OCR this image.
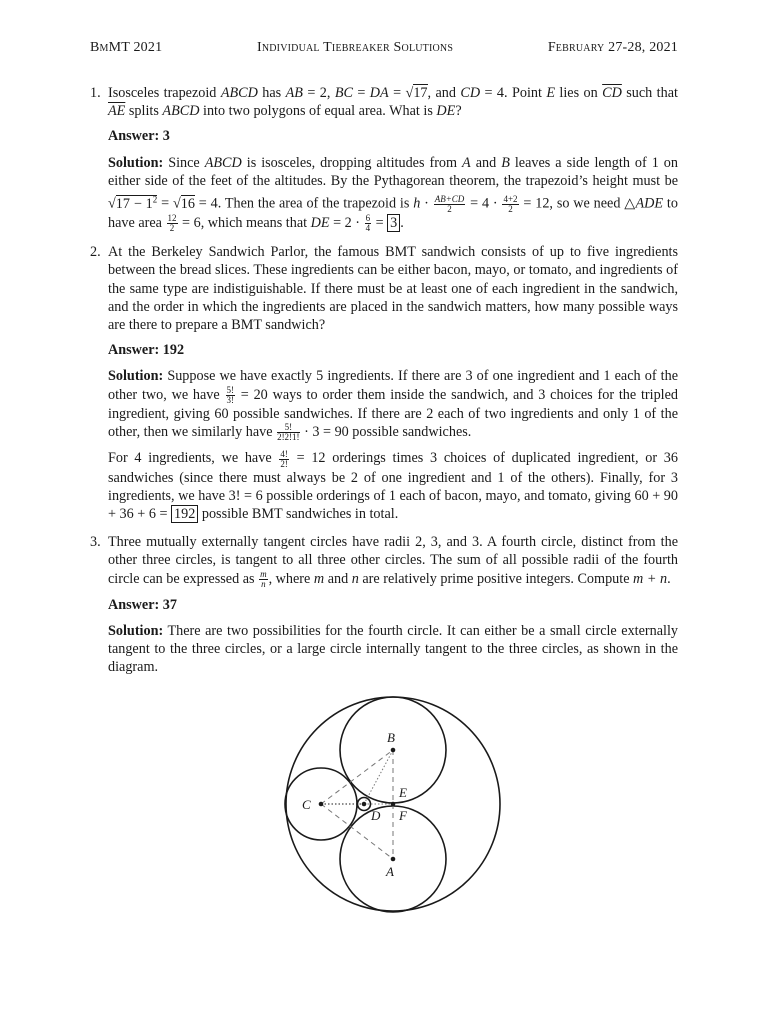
BmMT 2021	Individual Tiebreaker Solutions	February 27-28, 2021
1. Isosceles trapezoid ABCD has AB = 2, BC = DA = √17, and CD = 4. Point E lies on $\overline{CD}$ such that $\overline{AE}$ splits ABCD into two polygons of equal area. What is DE?

Answer: 3

Solution: Since ABCD is isosceles, dropping altitudes from A and B leaves a side length of 1 on either side of the feet of the altitudes. By the Pythagorean theorem, the trapezoid’s height must be $√17 - 1^2 = √16 = 4$. Then the area of the trapezoid is $h \cdot \frac{AB+CD}{2} = 4 \cdot \frac{4+2}{2} = 12$, so we need △ADE to have area $\frac{12}{2} = 6$, which means that DE = $2 \cdot \frac{6}{4} = 3$ .

2. At the Berkeley Sandwich Parlor, the famous BMT sandwich consists of up to five ingredients between the bread slices. These ingredients can be either bacon, mayo, or tomato, and ingredients of the same type are indistiguishable. If there must be at least one of each ingredient in the sandwich, and the order in which the ingredients are placed in the sandwich matters, how many possible ways are there to prepare a BMT sandwich?

Answer: 192

Solution: Suppose we have exactly 5 ingredients. If there are 3 of one ingredient and 1 each of the other two, we have $\frac{5!}{3!} = 20$ ways to order them inside the sandwich, and 3 choices for the tripled ingredient, giving 60 possible sandwiches. If there are 2 each of two ingredients and only 1 of the other, then we similarly have $\frac{5!}{2!2!1!} \cdot 3 = 90$ possible sandwiches.

For 4 ingredients, we have $\frac{4!}{2!} = 12$ orderings times 3 choices of duplicated ingredient, or 36 sandwiches (since there must always be 2 of one ingredient and 1 of the others). Finally, for 3 ingredients, we have 3! = 6 possible orderings of 1 each of bacon, mayo, and tomato, giving 60 + 90 + 36 + 6 = 192 possible BMT sandwiches in total.

3. Three mutually externally tangent circles have radii 2, 3, and 3. A fourth circle, distinct from the other three circles, is tangent to all three other circles. The sum of all possible radii of the fourth circle can be expressed as $\frac{m}{n}$ , where m and n are relatively prime positive integers. Compute m + n.

Answer: 37

Solution: There are two possibilities for the fourth circle. It can either be a small circle externally tangent to the three circles, or a large circle internally tangent to the three circles, as shown in the diagram.

B
A
C
D
E
F
